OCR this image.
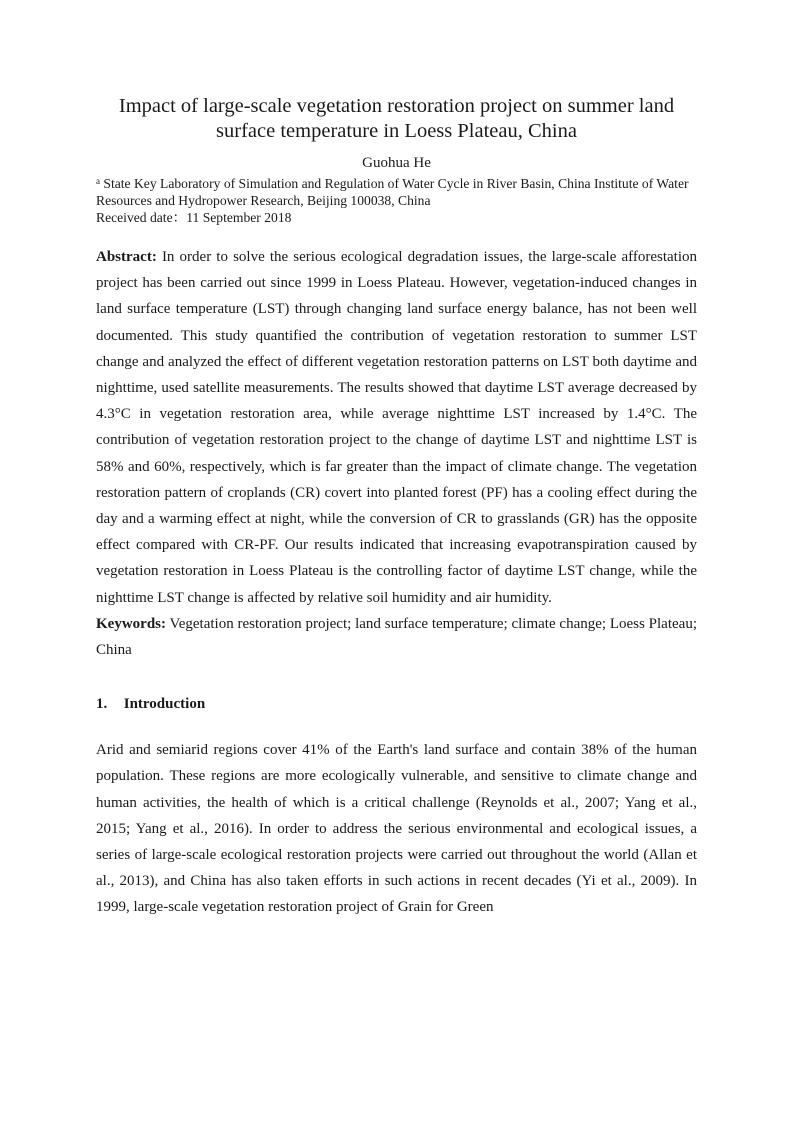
Impact of large-scale vegetation restoration project on summer land surface temperature in Loess Plateau, China
Guohua He
$^a$ State Key Laboratory of Simulation and Regulation of Water Cycle in River Basin, China Institute of Water Resources and Hydropower Research, Beijing 100038, China
Received date：11 September 2018
Abstract: In order to solve the serious ecological degradation issues, the large-scale afforestation project has been carried out since 1999 in Loess Plateau. However, vegetation-induced changes in land surface temperature (LST) through changing land surface energy balance, has not been well documented. This study quantified the contribution of vegetation restoration to summer LST change and analyzed the effect of different vegetation restoration patterns on LST both daytime and nighttime, used satellite measurements. The results showed that daytime LST average decreased by 4.3°C in vegetation restoration area, while average nighttime LST increased by 1.4°C. The contribution of vegetation restoration project to the change of daytime LST and nighttime LST is 58% and 60%, respectively, which is far greater than the impact of climate change. The vegetation restoration pattern of croplands (CR) covert into planted forest (PF) has a cooling effect during the day and a warming effect at night, while the conversion of CR to grasslands (GR) has the opposite effect compared with CR-PF. Our results indicated that increasing evapotranspiration caused by vegetation restoration in Loess Plateau is the controlling factor of daytime LST change, while the nighttime LST change is affected by relative soil humidity and air humidity.
Keywords: Vegetation restoration project; land surface temperature; climate change; Loess Plateau; China
1. Introduction
Arid and semiarid regions cover 41% of the Earth's land surface and contain 38% of the human population. These regions are more ecologically vulnerable, and sensitive to climate change and human activities, the health of which is a critical challenge (Reynolds et al., 2007; Yang et al., 2015; Yang et al., 2016). In order to address the serious environmental and ecological issues, a series of large-scale ecological restoration projects were carried out throughout the world (Allan et al., 2013), and China has also taken efforts in such actions in recent decades (Yi et al., 2009). In 1999, large-scale vegetation restoration project of Grain for Green
